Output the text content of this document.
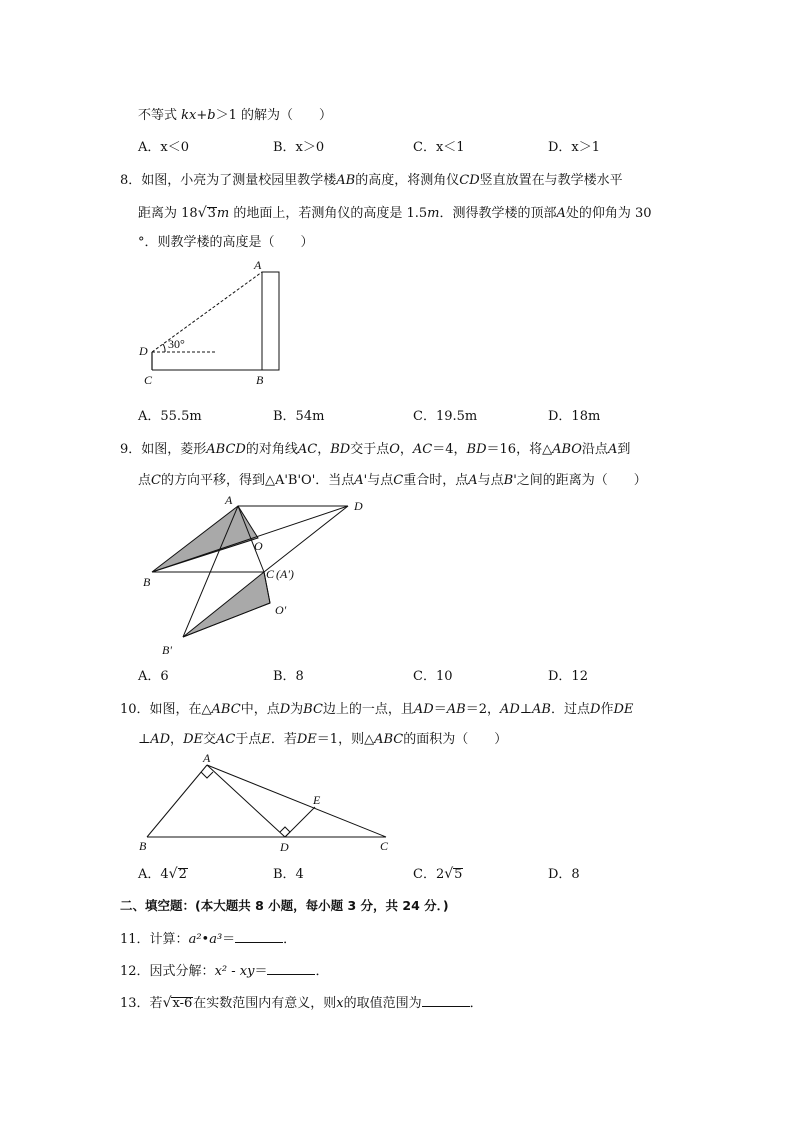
不等式 kx+b＞1 的解为（　　）
A．x＜0	B．x＞0	C．x＜1	D．x＞1
8．如图，小亮为了测量校园里教学楼AB的高度，将测角仪CD竖直放置在与教学楼水平
距离为 18√3m 的地面上，若测角仪的高度是 1.5m．测得教学楼的顶部A处的仰角为 30
°．则教学楼的高度是（　　）
A
D
C	B
30°
A．55.5m	B．54m	C．19.5m	D．18m
9．如图，菱形ABCD的对角线AC，BD交于点O，AC＝4，BD＝16，将△ABO沿点A到
点C的方向平移，得到△A'B'O'．当点A'与点C重合时，点A与点B'之间的距离为（　　）
A	D
O
B
C (A')
O'
B'
A．6	B．8	C．10	D．12
10．如图，在△ABC中，点D为BC边上的一点，且AD＝AB＝2，AD⊥AB．过点D作DE
⊥AD，DE交AC于点E．若DE＝1，则△ABC的面积为（　　）
A
E
B	D	C
A．4√2	B．4	C．2√5	D．8
二、填空题：(本大题共 8 小题，每小题 3 分，共 24 分．)
11．计算：a²•a³＝	．
12．因式分解：x² - xy＝	．
13．若√x-6在实数范围内有意义，则x的取值范围为	．
